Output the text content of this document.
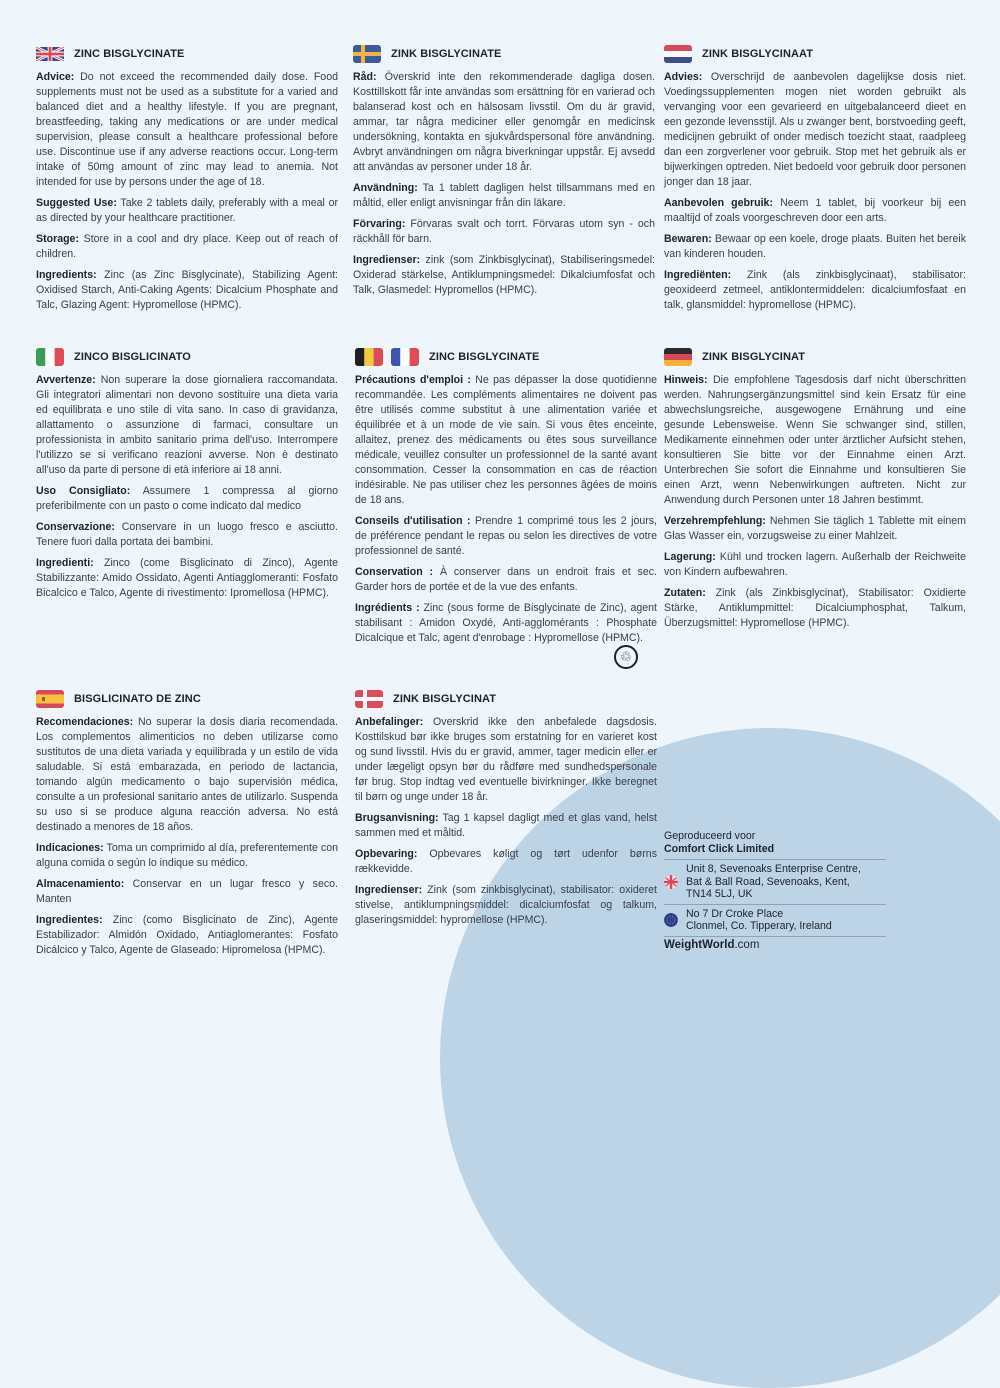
ZINC BISGLYCINATE

Advice: Do not exceed the recommended daily dose. Food supplements must not be used as a substitute for a varied and balanced diet and a healthy lifestyle. If you are pregnant, breastfeeding, taking any medications or are under medical supervision, please consult a healthcare professional before use. Discontinue use if any adverse reactions occur. Long-term intake of 50mg amount of zinc may lead to anemia. Not intended for use by persons under the age of 18.

Suggested Use: Take 2 tablets daily, preferably with a meal or as directed by your healthcare practitioner.

Storage: Store in a cool and dry place. Keep out of reach of children.

Ingredients: Zinc (as Zinc Bisglycinate), Stabilizing Agent: Oxidised Starch, Anti-Caking Agents: Dicalcium Phosphate and Talc, Glazing Agent: Hypromellose (HPMC).

ZINK BISGLYCINATE

Råd: Överskrid inte den rekommenderade dagliga dosen. Kosttillskott får inte användas som ersättning för en varierad och balanserad kost och en hälsosam livsstil. Om du är gravid, ammar, tar några mediciner eller genomgår en medicinsk undersökning, kontakta en sjukvårdspersonal före användning. Avbryt användningen om några biverkningar uppstår. Ej avsedd att användas av personer under 18 år.

Användning: Ta 1 tablett dagligen helst tillsammans med en måltid, eller enligt anvisningar från din läkare.

Förvaring: Förvaras svalt och torrt. Förvaras utom syn - och räckhåll för barn.

Ingredienser: zink (som Zinkbisglycinat), Stabiliseringsmedel: Oxiderad stärkelse, Antiklumpningsmedel: Dikalciumfosfat och Talk, Glasmedel: Hypromellos (HPMC).

ZINK BISGLYCINAAT

Advies: Overschrijd de aanbevolen dagelijkse dosis niet. Voedingssupplementen mogen niet worden gebruikt als vervanging voor een gevarieerd en uitgebalanceerd dieet en een gezonde levensstijl. Als u zwanger bent, borstvoeding geeft, medicijnen gebruikt of onder medisch toezicht staat, raadpleeg dan een zorgverlener voor gebruik. Stop met het gebruik als er bijwerkingen optreden. Niet bedoeld voor gebruik door personen jonger dan 18 jaar.

Aanbevolen gebruik: Neem 1 tablet, bij voorkeur bij een maaltijd of zoals voorgeschreven door een arts.

Bewaren: Bewaar op een koele, droge plaats. Buiten het bereik van kinderen houden.

Ingrediënten: Zink (als zinkbisglycinaat), stabilisator: geoxideerd zetmeel, antiklontermiddelen: dicalciumfosfaat en talk, glansmiddel: hypromellose (HPMC).

ZINCO BISGLICINATO

Avvertenze: Non superare la dose giornaliera raccomandata. Gli integratori alimentari non devono sostituire una dieta varia ed equilibrata e uno stile di vita sano. In caso di gravidanza, allattamento o assunzione di farmaci, consultare un professionista in ambito sanitario prima dell'uso. Interrompere l'utilizzo se si verificano reazioni avverse. Non è destinato all'uso da parte di persone di età inferiore ai 18 anni.

Uso Consigliato: Assumere 1 compressa al giorno preferibilmente con un pasto o come indicato dal medico

Conservazione: Conservare in un luogo fresco e asciutto. Tenere fuori dalla portata dei bambini.

Ingredienti: Zinco (come Bisglicinato di Zinco), Agente Stabilizzante: Amido Ossidato, Agenti Antiagglomeranti: Fosfato Bicalcico e Talco, Agente di rivestimento: Ipromellosa (HPMC).

ZINC BISGLYCINATE

Précautions d'emploi : Ne pas dépasser la dose quotidienne recommandée. Les compléments alimentaires ne doivent pas être utilisés comme substitut à une alimentation variée et équilibrée et à un mode de vie sain. Si vous êtes enceinte, allaitez, prenez des médicaments ou êtes sous surveillance médicale, veuillez consulter un professionnel de la santé avant consommation. Cesser la consommation en cas de réaction indésirable. Ne pas utiliser chez les personnes âgées de moins de 18 ans.

Conseils d'utilisation : Prendre 1 comprimé tous les 2 jours, de préférence pendant le repas ou selon les directives de votre professionnel de santé.

Conservation : À conserver dans un endroit frais et sec. Garder hors de portée et de la vue des enfants.

Ingrédients : Zinc (sous forme de Bisglycinate de Zinc), agent stabilisant : Amidon Oxydé, Anti-agglomérants : Phosphate Dicalcique et Talc, agent d'enrobage : Hypromellose (HPMC).

♲
ZINK BISGLYCINAT

Hinweis: Die empfohlene Tagesdosis darf nicht überschritten werden. Nahrungsergänzungsmittel sind kein Ersatz für eine abwechslungsreiche, ausgewogene Ernährung und eine gesunde Lebensweise. Wenn Sie schwanger sind, stillen, Medikamente einnehmen oder unter ärztlicher Aufsicht stehen, konsultieren Sie bitte vor der Einnahme einen Arzt. Unterbrechen Sie sofort die Einnahme und konsultieren Sie einen Arzt, wenn Nebenwirkungen auftreten. Nicht zur Anwendung durch Personen unter 18 Jahren bestimmt.

Verzehrempfehlung: Nehmen Sie täglich 1 Tablette mit einem Glas Wasser ein, vorzugsweise zu einer Mahlzeit.

Lagerung: Kühl und trocken lagern. Außerhalb der Reichweite von Kindern aufbewahren.

Zutaten: Zink (als Zinkbisglycinat), Stabilisator: Oxidierte Stärke, Antiklumpmittel: Dicalciumphosphat, Talkum, Überzugsmittel: Hypromellose (HPMC).

BISGLICINATO DE ZINC

Recomendaciones: No superar la dosis diaria recomendada. Los complementos alimenticios no deben utilizarse como sustitutos de una dieta variada y equilibrada y un estilo de vida saludable. Si está embarazada, en periodo de lactancia, tomando algún medicamento o bajo supervisión médica, consulte a un profesional sanitario antes de utilizarlo. Suspenda su uso si se produce alguna reacción adversa. No está destinado a menores de 18 años.

Indicaciones: Toma un comprimido al día, preferentemente con alguna comida o según lo indique su médico.

Almacenamiento: Conservar en un lugar fresco y seco. Manten

Ingredientes: Zinc (como Bisglicinato de Zinc), Agente Estabilizador: Almidón Oxidado, Antiaglomerantes: Fosfato Dicálcico y Talco, Agente de Glaseado: Hipromelosa (HPMC).

ZINK BISGLYCINAT

Anbefalinger: Overskrid ikke den anbefalede dagsdosis. Kosttilskud bør ikke bruges som erstatning for en varieret kost og sund livsstil. Hvis du er gravid, ammer, tager medicin eller er under lægeligt opsyn bør du rådføre med sundhedspersonale før brug. Stop indtag ved eventuelle bivirkninger. Ikke beregnet til børn og unge under 18 år.

Brugsanvisning: Tag 1 kapsel dagligt med et glas vand, helst sammen med et måltid.

Opbevaring: Opbevares køligt og tørt udenfor børns rækkevidde.

Ingredienser: Zink (som zinkbisglycinat), stabilisator: oxideret stivelse, antiklumpningsmiddel: dicalciumfosfat og talkum, glaseringsmiddel: hypromellose (HPMC).

Geproduceerd voor
Comfort Click Limited
Unit 8, Sevenoaks Enterprise Centre,
Bat & Ball Road, Sevenoaks, Kent,
TN14 5LJ, UK
No 7 Dr Croke Place
Clonmel, Co. Tipperary, Ireland
WeightWorld.com
